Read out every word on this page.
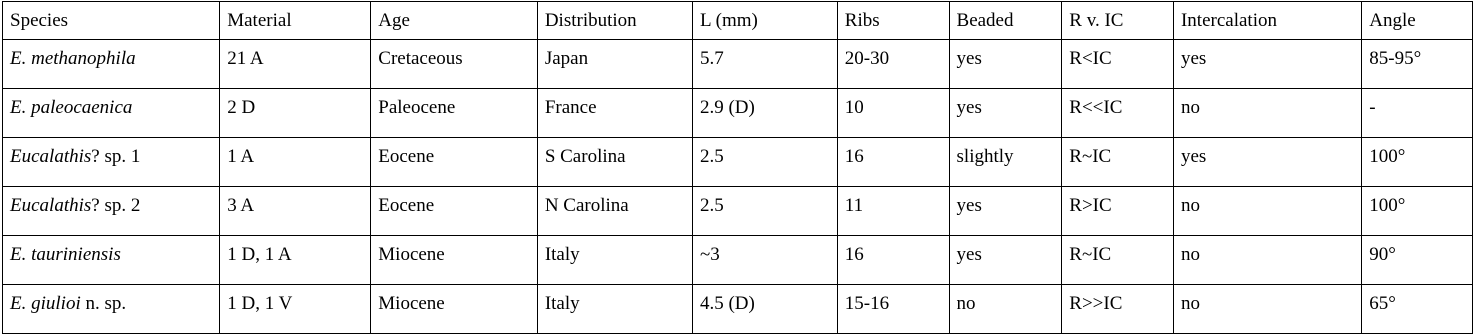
Species	Material	Age	Distribution	L (mm)	Ribs	Beaded	R v. IC	Intercalation	Angle
E. methanophila	21 A	Cretaceous	Japan	5.7	20-30	yes	R<IC	yes	85-95°
E. paleocaenica	2 D	Paleocene	France	2.9 (D)	10	yes	R<<IC	no	-
Eucalathis? sp. 1	1 A	Eocene	S Carolina	2.5	16	slightly	R~IC	yes	100°
Eucalathis? sp. 2	3 A	Eocene	N Carolina	2.5	11	yes	R>IC	no	100°
E. tauriniensis	1 D, 1 A	Miocene	Italy	~3	16	yes	R~IC	no	90°
E. giulioi n. sp.	1 D, 1 V	Miocene	Italy	4.5 (D)	15-16	no	R>>IC	no	65°
